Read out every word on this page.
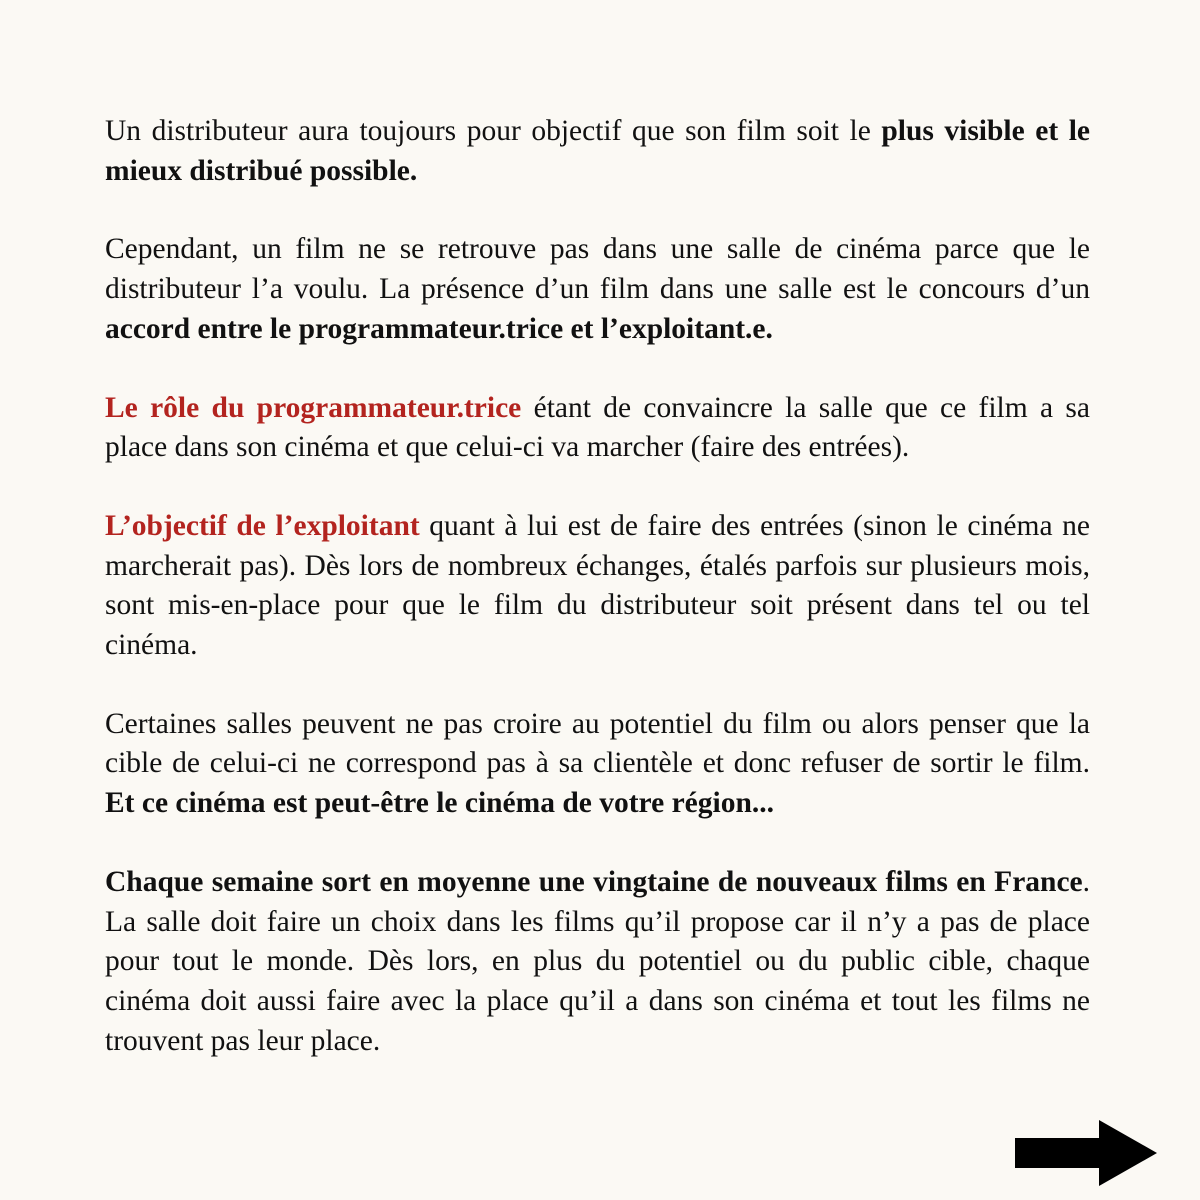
Un distributeur aura toujours pour objectif que son film soit le plus visible et le mieux distribué possible.

Cependant, un film ne se retrouve pas dans une salle de cinéma parce que le distributeur l’a voulu. La présence d’un film dans une salle est le concours d’un accord entre le programmateur.trice et l’exploitant.e.

Le rôle du programmateur.trice étant de convaincre la salle que ce film a sa place dans son cinéma et que celui-ci va marcher (faire des entrées).

L’objectif de l’exploitant quant à lui est de faire des entrées (sinon le cinéma ne marcherait pas). Dès lors de nombreux échanges, étalés parfois sur plusieurs mois, sont mis-en-place pour que le film du distributeur soit présent dans tel ou tel cinéma.

Certaines salles peuvent ne pas croire au potentiel du film ou alors penser que la cible de celui-ci ne correspond pas à sa clientèle et donc refuser de sortir le film. Et ce cinéma est peut-être le cinéma de votre région...

Chaque semaine sort en moyenne une vingtaine de nouveaux films en France. La salle doit faire un choix dans les films qu’il propose car il n’y a pas de place pour tout le monde. Dès lors, en plus du potentiel ou du public cible, chaque cinéma doit aussi faire avec la place qu’il a dans son cinéma et tout les films ne trouvent pas leur place.
